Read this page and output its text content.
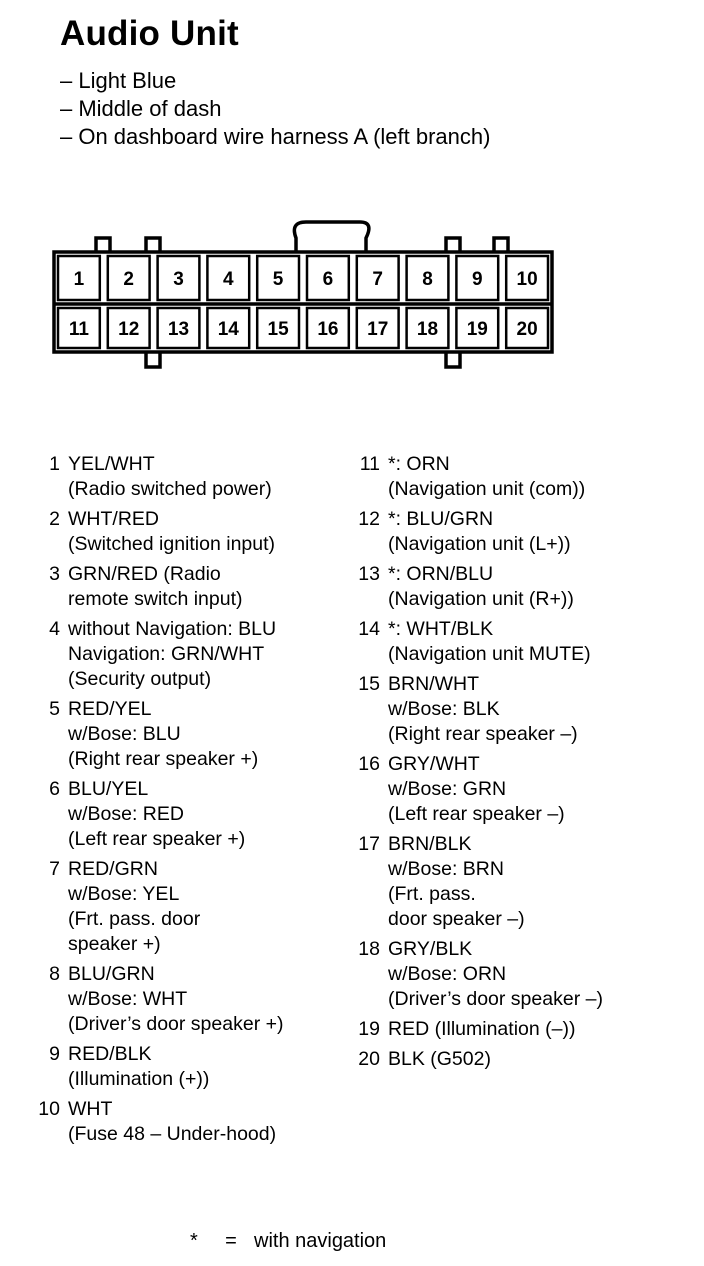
Audio Unit
– Light Blue
– Middle of dash
– On dashboard wire harness A (left branch)
1 2 3 4 5 6 7 8 9 10
11 12 13 14 15 16 17 18 19 20
1 YEL/WHT
(Radio switched power)
2 WHT/RED
(Switched ignition input)
3 GRN/RED (Radio
remote switch input)
4 without Navigation: BLU
Navigation: GRN/WHT
(Security output)
5 RED/YEL
w/Bose: BLU
(Right rear speaker +)
6 BLU/YEL
w/Bose: RED
(Left rear speaker +)
7 RED/GRN
w/Bose: YEL
(Frt. pass. door
speaker +)
8 BLU/GRN
w/Bose: WHT
(Driver’s door speaker +)
9 RED/BLK
(Illumination (+))
10 WHT
(Fuse 48 – Under-hood)
11 *: ORN
(Navigation unit (com))
12 *: BLU/GRN
(Navigation unit (L+))
13 *: ORN/BLU
(Navigation unit (R+))
14 *: WHT/BLK
(Navigation unit MUTE)
15 BRN/WHT
w/Bose: BLK
(Right rear speaker –)
16 GRY/WHT
w/Bose: GRN
(Left rear speaker –)
17 BRN/BLK
w/Bose: BRN
(Frt. pass.
door speaker –)
18 GRY/BLK
w/Bose: ORN
(Driver’s door speaker –)
19 RED (Illumination (–))
20 BLK (G502)
*	= with navigation
